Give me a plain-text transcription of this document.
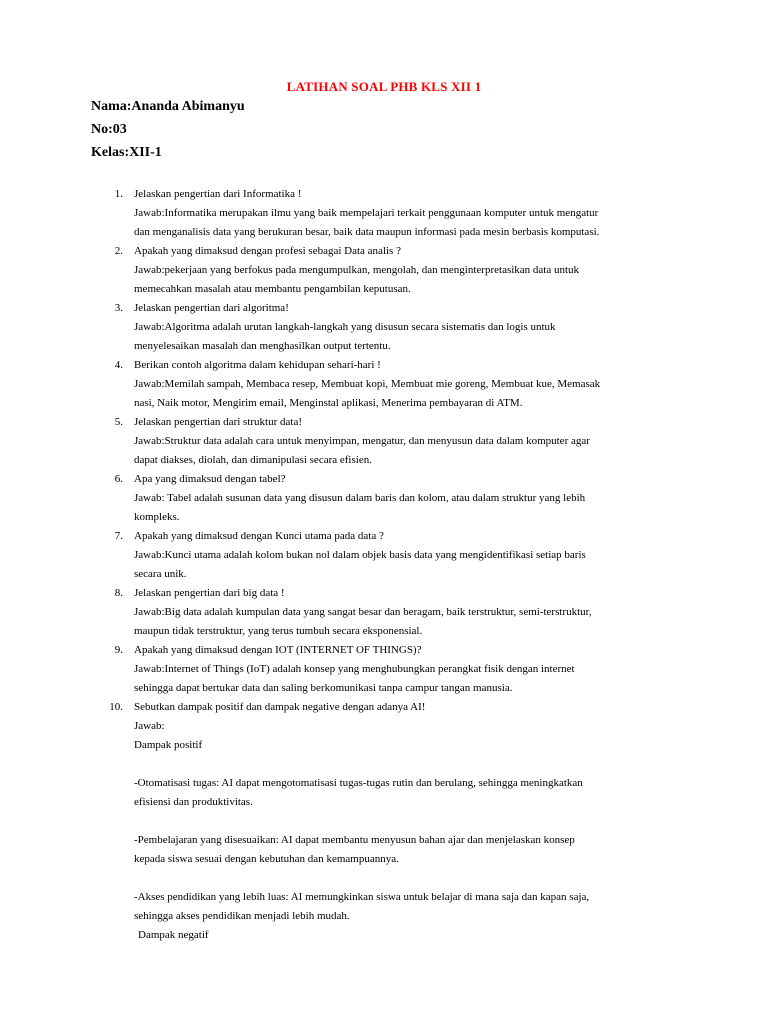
LATIHAN SOAL PHB KLS XII 1
Nama:Ananda Abimanyu
No:03
Kelas:XII-1
1. Jelaskan pengertian dari Informatika !
Jawab:Informatika merupakan ilmu yang baik mempelajari terkait penggunaan komputer untuk mengatur
dan menganalisis data yang berukuran besar, baik data maupun informasi pada mesin berbasis komputasi.
2. Apakah yang dimaksud dengan profesi sebagai Data analis ?
Jawab:pekerjaan yang berfokus pada mengumpulkan, mengolah, dan menginterpretasikan data untuk
memecahkan masalah atau membantu pengambilan keputusan.
3. Jelaskan pengertian dari algoritma!
Jawab:Algoritma adalah urutan langkah-langkah yang disusun secara sistematis dan logis untuk
menyelesaikan masalah dan menghasilkan output tertentu.
4. Berikan contoh algoritma dalam kehidupan sehari-hari !
Jawab:Memilah sampah, Membaca resep, Membuat kopi, Membuat mie goreng, Membuat kue, Memasak
nasi, Naik motor, Mengirim email, Menginstal aplikasi, Menerima pembayaran di ATM.
5. Jelaskan pengertian dari struktur data!
Jawab:Struktur data adalah cara untuk menyimpan, mengatur, dan menyusun data dalam komputer agar
dapat diakses, diolah, dan dimanipulasi secara efisien.
6. Apa yang dimaksud dengan tabel?
Jawab: Tabel adalah susunan data yang disusun dalam baris dan kolom, atau dalam struktur yang lebih
kompleks.
7. Apakah yang dimaksud dengan Kunci utama pada data ?
Jawab:Kunci utama adalah kolom bukan nol dalam objek basis data yang mengidentifikasi setiap baris
secara unik.
8. Jelaskan pengertian dari big data !
Jawab:Big data adalah kumpulan data yang sangat besar dan beragam, baik terstruktur, semi-terstruktur,
maupun tidak terstruktur, yang terus tumbuh secara eksponensial.
9. Apakah yang dimaksud dengan IOT (INTERNET OF THINGS)?
Jawab:Internet of Things (IoT) adalah konsep yang menghubungkan perangkat fisik dengan internet
sehingga dapat bertukar data dan saling berkomunikasi tanpa campur tangan manusia.
10. Sebutkan dampak positif dan dampak negative dengan adanya AI!
Jawab:
Dampak positif
-Otomatisasi tugas: AI dapat mengotomatisasi tugas-tugas rutin dan berulang, sehingga meningkatkan
efisiensi dan produktivitas.
-Pembelajaran yang disesuaikan: AI dapat membantu menyusun bahan ajar dan menjelaskan konsep
kepada siswa sesuai dengan kebutuhan dan kemampuannya.
-Akses pendidikan yang lebih luas: AI memungkinkan siswa untuk belajar di mana saja dan kapan saja,
sehingga akses pendidikan menjadi lebih mudah.
Dampak negatif
